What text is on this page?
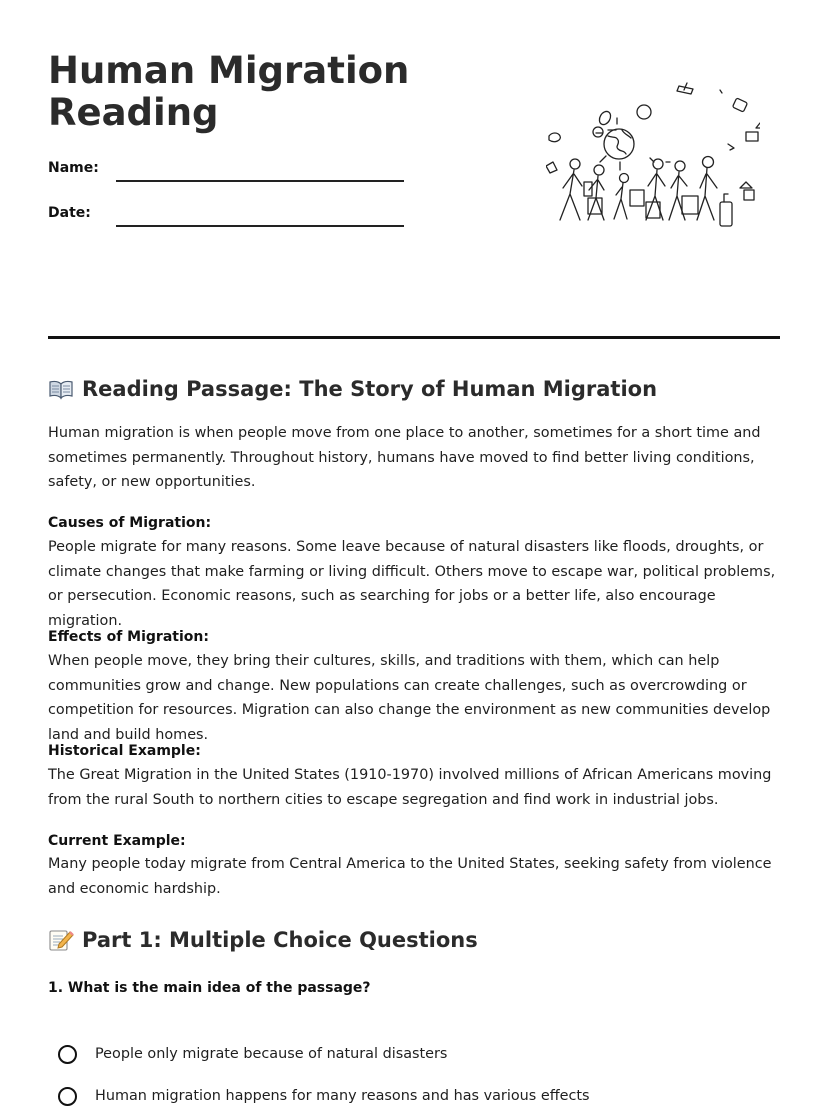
Human Migration Reading
Name:
Date:
Reading Passage: The Story of Human Migration

Human migration is when people move from one place to another, sometimes for a short time and sometimes permanently. Throughout history, humans have moved to find better living conditions, safety, or new opportunities.

Causes of Migration:

People migrate for many reasons. Some leave because of natural disasters like floods, droughts, or climate changes that make farming or living difficult. Others move to escape war, political problems, or persecution. Economic reasons, such as searching for jobs or a better life, also encourage migration.

Effects of Migration:

When people move, they bring their cultures, skills, and traditions with them, which can help communities grow and change. New populations can create challenges, such as overcrowding or competition for resources. Migration can also change the environment as new communities develop land and build homes.

Historical Example:

The Great Migration in the United States (1910-1970) involved millions of African Americans moving from the rural South to northern cities to escape segregation and find work in industrial jobs.

Current Example:

Many people today migrate from Central America to the United States, seeking safety from violence and economic hardship.

Part 1: Multiple Choice Questions

1. What is the main idea of the passage?

People only migrate because of natural disasters
Human migration happens for many reasons and has various effects
